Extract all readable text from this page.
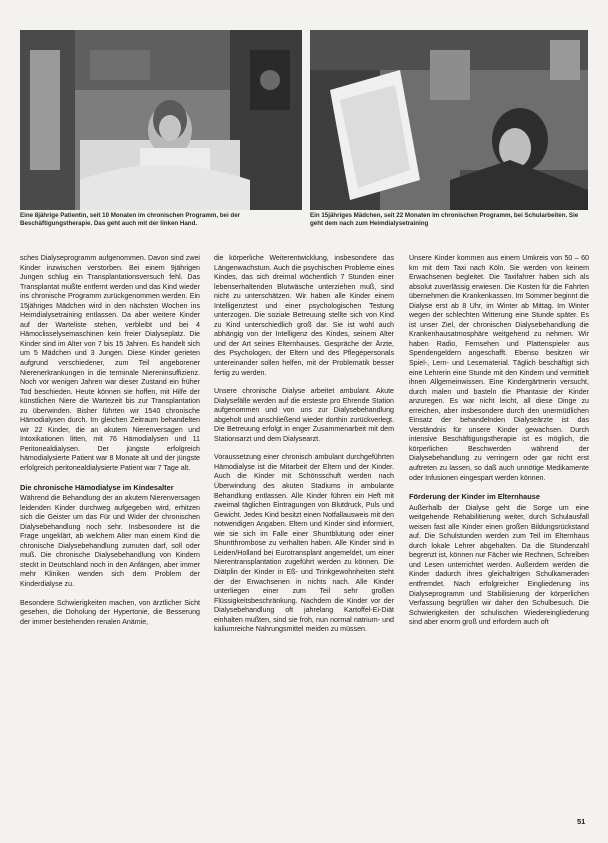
Eine 8jährige Patientin, seit 10 Monaten im chronischen Programm, bei der Beschäftigungstherapie. Das geht auch mit der linken Hand.
Ein 15jähriges Mädchen, seit 22 Monaten im chronischen Programm, bei Schularbeiten. Sie geht dem nach zum Heimdialysetraining

sches Dialyseprogramm aufgenommen. Davon sind zwei Kinder inzwischen verstorben. Bei einem 9jährigen Jungen schlug ein Transplantationsversuch fehl. Das Transplantat mußte entfernt werden und das Kind wieder ins chronische Programm zurückgenommen werden. Ein 15jähriges Mädchen wird in den nächsten Wochen ins Heimdialysetraining entlassen. Da aber weitere Kinder auf der Warteliste stehen, verbleibt und bei 4 Hämoclisselysemaschinen kein freier Dialyseplatz. Die Kinder sind im Alter von 7 bis 15 Jahren. Es handelt sich um 5 Mädchen und 3 Jungen. Diese Kinder gerieten aufgrund verschiedener, zum Teil angeborener Nierenerkrankungen in die terminale Niereninsuffizienz. Noch vor wenigen Jahren war dieser Zustand ein früher Tod beschieden. Heute können sie hoffen, mit Hilfe der künstlichen Niere die Wartezeit bis zur Transplantation zu überwinden. Bisher führten wir 1540 chronische Hämodialysen durch. Im gleichen Zeitraum behandelten wir 22 Kinder, die an akutem Nierenversagen und Intoxikationen litten, mit 76 Hämodialysen und 11 Peritonealdialysen. Der jüngste erfolgreich hämodialysierte Patient war 8 Monate alt und der jüngste erfolgreich peritonealdialysierte Patient war 7 Tage alt.

Die chronische Hämodialyse im Kindesalter

Während die Behandlung der an akutem Nierenversagen leidenden Kinder durchweg aufgegeben wird, erhitzen sich die Geister um das Für und Wider der chronischen Dialysebehandlung noch sehr. Insbesondere ist die Frage ungeklärt, ab welchem Alter man einem Kind die chronische Dialysebehandlung zumuten darf, soll oder muß. Die chronische Dialysebehandlung von Kindern steckt in Deutschland noch in den Anfängen, aber immer mehr Kliniken wenden sich dem Problem der Kinderdialyse zu.

Besondere Schwierigkeiten machen, von ärztlicher Sicht gesehen, die Doholung der Hypertonie, die Besserung der immer bestehenden renalen Anämie,

die körperliche Weiterentwicklung, insbesondere das Längenwachstum. Auch die psychischen Probleme eines Kindes, das sich dreimal wöchentlich 7 Stunden einer lebenserhaltenden Blutwäsche unterziehen muß, sind nicht zu unterschätzen. Wir haben alle Kinder einem Intelligenztest und einer psychologischen Testung unterzogen. Die soziale Betreuung stellte sich von Kind zu Kind unterschiedlich groß dar. Sie ist wohl auch abhängig von der Intelligenz des Kindes, seinem Alter und der Art seines Elternhauses. Gespräche der Ärzte, des Psychologen, der Eltern und des Pflegepersonals untereinander sollen helfen, mit der Problematik besser fertig zu werden.

Unsere chronische Dialyse arbeitet ambulant. Akute Dialysefälle werden auf die ersteste pro Ehrende Station aufgenommen und von uns zur Dialysebehandlung abgeholt und anschließend wieder dorthin zurückverlegt. Die Betreuung erfolgt in enger Zusammenarbeit mit dem Stationsarzt und dem Dialysearzt.

Voraussetzung einer chronisch ambulant durchgeführten Hämodialyse ist die Mitarbeit der Eltern und der Kinder. Auch die Kinder mit Schönsschuft werden nach Überwindung des akuten Stadiums in ambulante Behandlung entlassen. Alle Kinder führen ein Heft mit zweimal täglichen Eintragungen von Blutdruck, Puls und Gewicht. Jedes Kind besitzt einen Notfallausweis mit den notwendigen Angaben. Eltern und Kinder sind informiert, wie sie sich im Falle einer Shuntblutung oder einer Shuntthrombose zu verhalten haben. Alle Kinder sind in Leiden/Holland bei Eurotransplant angemeldet, um einer Nierentransplantation zugeführt werden zu können. Die Diätplin der Kinder in Eß- und Trinkgewohnheiten steht der der Erwachsenen in nichts nach. Alle Kinder unterliegen einer zum Teil sehr großen Flüssigkeitsbeschränkung. Nachdem die Kinder vor der Dialysebehandlung oft jahrelang Kartoffel-Ei-Diät einhalten mußten, sind sie froh, nun normal natrium- und kaliumreiche Nahrungsmittel meiden zu müssen.

Unsere Kinder kommen aus einem Umkreis von 50 – 60 km mit dem Taxi nach Köln. Sie werden von keinem Erwachsenen begleitet. Die Taxifahrer haben sich als absolut zuverlässig erwiesen. Die Kosten für die Fahrten übernehmen die Krankenkassen. Im Sommer beginnt die Dialyse erst ab 8 Uhr, im Winter ab Mittag. Im Winter wegen der schlechten Witterung eine Stunde später. Es ist unser Ziel, der chronischen Dialysebehandlung die Krankenhausatmosphäre weitgehend zu nehmen. Wir haben Radio, Fernsehen und Plattenspieler aus Spendengeldern angeschafft. Ebenso besitzen wir Spiel-, Lern- und Lesematerial. Täglich beschäftigt sich eine Lehrerin eine Stunde mit den Kindern und vermittelt ihnen Allgemeinwissen. Eine Kindergärtnerin versucht, durch malen und basteln die Phantasie der Kinder anzuregen. Es war nicht leicht, all diese Dinge zu erreichen, aber insbesondere durch den unermüdlichen Einsatz der behandelnden Dialyseärzte ist das Verständnis für unsere Kinder gewachsen. Durch intensive Beschäftigungstherapie ist es möglich, die körperlichen Beschwerden während der Dialysebehandlung zu verringern oder gar nicht erst auftreten zu lassen, so daß auch unnötige Medikamente oder Infusionen eingespart werden können.

Förderung der Kinder im Elternhause

Außerhalb der Dialyse geht die Sorge um eine weitgehende Rehabilitierung weiter, durch Schulausfall weisen fast alle Kinder einen großen Bildungsrückstand auf. Die Schulstunden werden zum Teil im Elternhaus durch lokale Lehrer abgehalten. Da die Stundenzahl begrenzt ist, können nur Fächer wie Rechnen, Schreiben und Lesen unterrichtet werden. Außerdem werden die Kinder dadurch ihres gleichaltrigen Schulkameraden entfremdet. Nach erfolgreicher Eingliederung ins Dialyseprogramm und Stabilisierung der körperlichen Verfassung begrüßen wir daher den Schulbesuch. Die Schwierigkeiten der schulischen Wiedereingliederung sind aber enorm groß und erfordern auch oft

51
